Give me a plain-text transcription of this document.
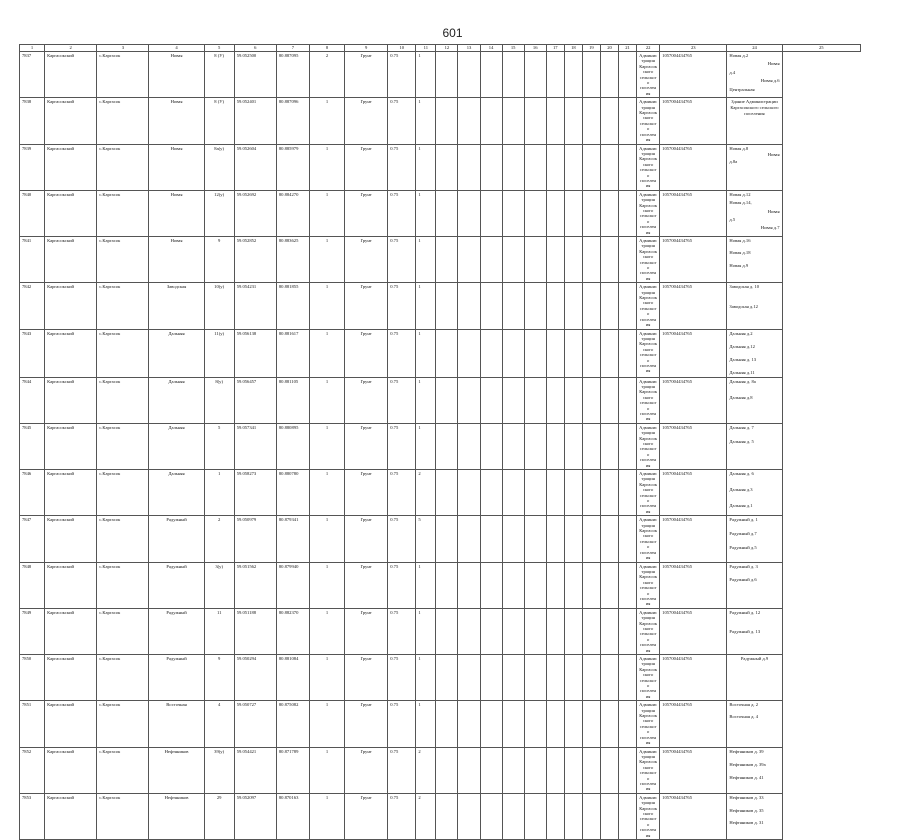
601
1	2	3	4	5	6	7	8	9	10	11	12	13	14	15	16	17	18	19	20	21	22	23	24	25
7837	Каргасокский	с.Каргасок	Новая	8 (У)	59.052500	80.887095	2	Грунт	0.75	1											Администрация Каргасокского сельского поселения	1057004434765	Новая д.2
Новая
д.4
Новая д.6
Центральная	

7838	Каргасокский	с.Каргасок	Новая	8 (У)	59.052401	80.887096	1	Грунт	0.75	1											Администрация Каргасокского сельского поселения	1057004434765	Здание Администрации
Каргасокского сельского
поселения	

7839	Каргасокский	с.Каргасок	Новая	8а(у)	59.052604	80.885979	1	Грунт	0.75	1											Администрация Каргасокского сельского поселения	1057004434765	Новая д.8
Новая
д.8а	

7840	Каргасокский	с.Каргасок	Новая	12(у)	59.052692	80.884270	1	Грунт	0.75	1											Администрация Каргасокского сельского поселения	1057004434765	Новая д.12
Новая д.14,
Новая
д.5
Новая д.7	

7841	Каргасокский	с.Каргасок	Новая	9	59.052852	80.883625	1	Грунт	0.75	1											Администрация Каргасокского сельского поселения	1057004434765	Новая д.16
Новая д.18
Новая д.9	

7842	Каргасокский	с.Каргасок	Заводская	10(у)	59.054231	80.881855	1	Грунт	0.75	1											Администрация Каргасокского сельского поселения	1057004434765	Заводская д. 10
Заводская д.12	

7843	Каргасокский	с.Каргасок	Дальняя	11(у)	59.056138	80.881617	1	Грунт	0.75	1											Администрация Каргасокского сельского поселения	1057004434765	Дальняя д.2
Дальняя д.12
Дальняя д. 13
Дальняя д.11	

7844	Каргасокский	с.Каргасок	Дальняя	8(у)	59.056457	80.881105	1	Грунт	0.75	1											Администрация Каргасокского сельского поселения	1057004434765	Дальняя д. 8а
Дальняя д.8	

7845	Каргасокский	с.Каргасок	Дальняя	5	59.057341	80.880895	1	Грунт	0.75	1											Администрация Каргасокского сельского поселения	1057004434765	Дальняя д. 7
Дальняя д. 5	

7846	Каргасокский	с.Каргасок	Дальняя	1	59.058273	80.880780	1	Грунт	0.75	2											Администрация Каргасокского сельского поселения	1057004434765	Дальняя д. 6
Дальняя д.3
Дальняя д.1	

7847	Каргасокский	с.Каргасок	Радужный	2	59.050979	80.879341	1	Грунт	0.75	5											Администрация Каргасокского сельского поселения	1057004434765	Радужный д. 1
Радужный д.7
Радужный д.5	

7848	Каргасокский	с.Каргасок	Радужный	3(у)	59.051562	80.879940	1	Грунт	0.75	1											Администрация Каргасокского сельского поселения	1057004434765	Радужный д. 3
Радужный д.6	

7849	Каргасокский	с.Каргасок	Радужный	11	59.051188	80.882370	1	Грунт	0.75	1											Администрация Каргасокского сельского поселения	1057004434765	Радужный д. 12
Радужный д. 13	

7850	Каргасокский	с.Каргасок	Радужный	9	59.050294	80.881084	1	Грунт	0.75	1											Администрация Каргасокского сельского поселения	1057004434765	Радужный д.9	

7851	Каргасокский	с.Каргасок	Восточная	4	59.050727	80.875082	1	Грунт	0.75	1											Администрация Каргасокского сельского поселения	1057004434765	Восточная д. 2
Восточная д. 4	

7852	Каргасокский	с.Каргасок	Нефтяников	39(у)	59.054421	80.871789	1	Грунт	0.75	2											Администрация Каргасокского сельского поселения	1057004434765	Нефтяников д. 39
Нефтяников д. 39а
Нефтяников д. 41	

7853	Каргасокский	с.Каргасок	Нефтяников	29	59.052097	80.870163	1	Грунт	0.75	2											Администрация Каргасокского сельского поселения	1057004434765	Нефтяников д. 33
Нефтяников д. 35
Нефтяников д. 31	
